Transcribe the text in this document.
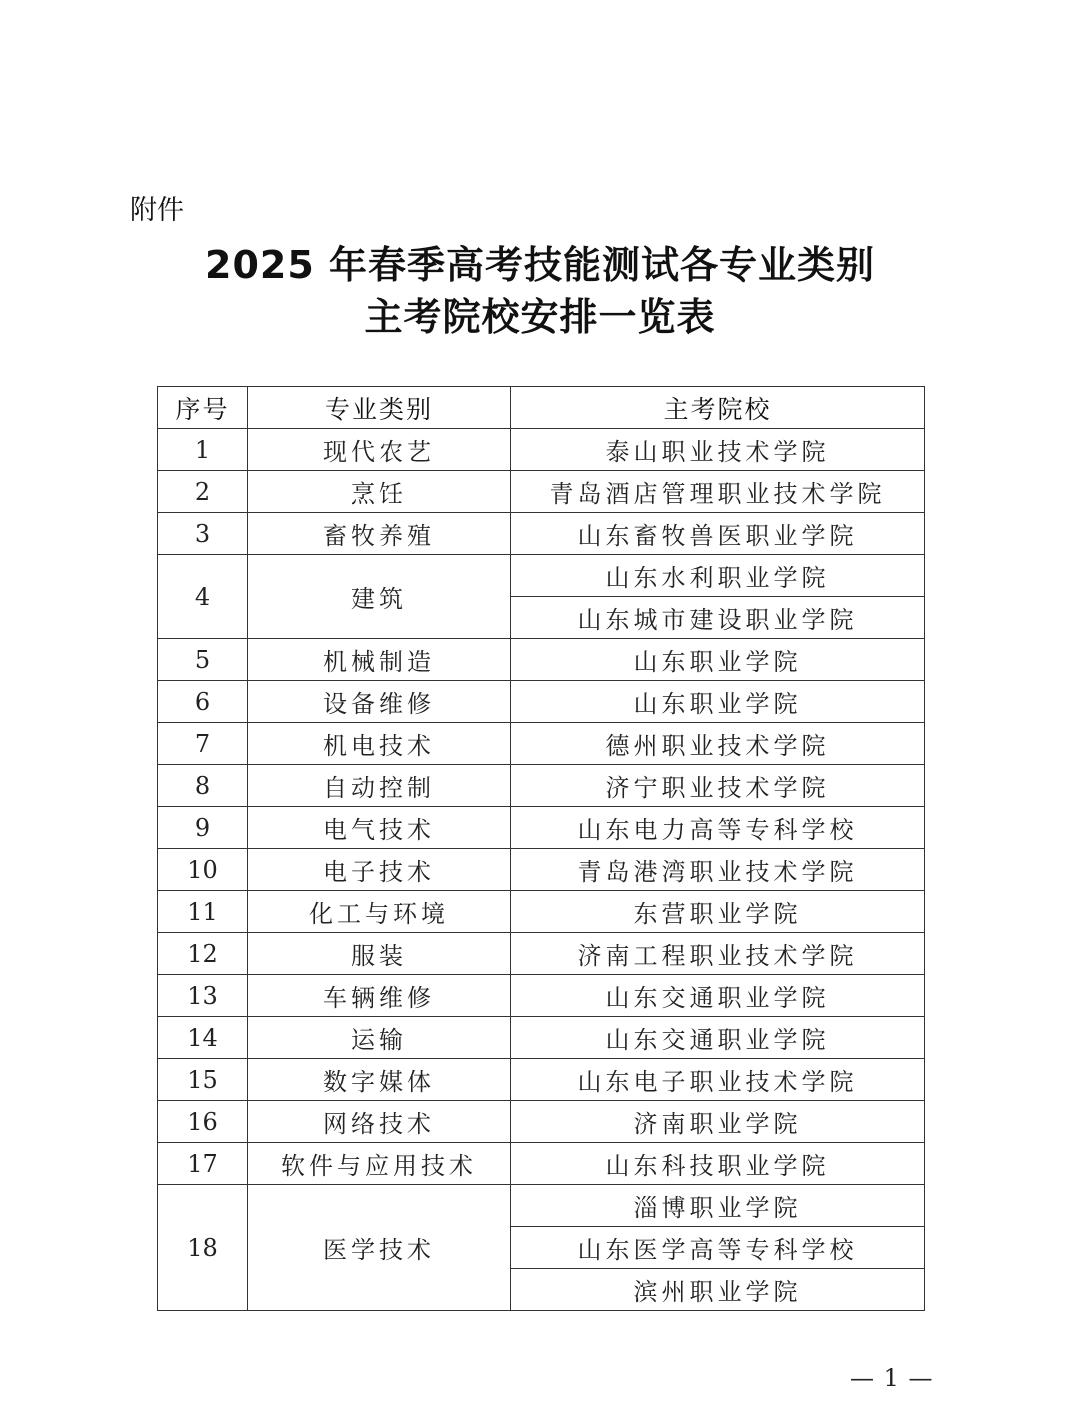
附件
2025 年春季高考技能测试各专业类别
主考院校安排一览表
序号	专业类别	主考院校
1	现代农艺	泰山职业技术学院
2	烹饪	青岛酒店管理职业技术学院
3	畜牧养殖	山东畜牧兽医职业学院
4	建筑	山东水利职业学院
		山东城市建设职业学院
5	机械制造	山东职业学院
6	设备维修	山东职业学院
7	机电技术	德州职业技术学院
8	自动控制	济宁职业技术学院
9	电气技术	山东电力高等专科学校
10	电子技术	青岛港湾职业技术学院
11	化工与环境	东营职业学院
12	服装	济南工程职业技术学院
13	车辆维修	山东交通职业学院
14	运输	山东交通职业学院
15	数字媒体	山东电子职业技术学院
16	网络技术	济南职业学院
17	软件与应用技术	山东科技职业学院
18	医学技术	淄博职业学院
		山东医学高等专科学校
		滨州职业学院
— 1 —
